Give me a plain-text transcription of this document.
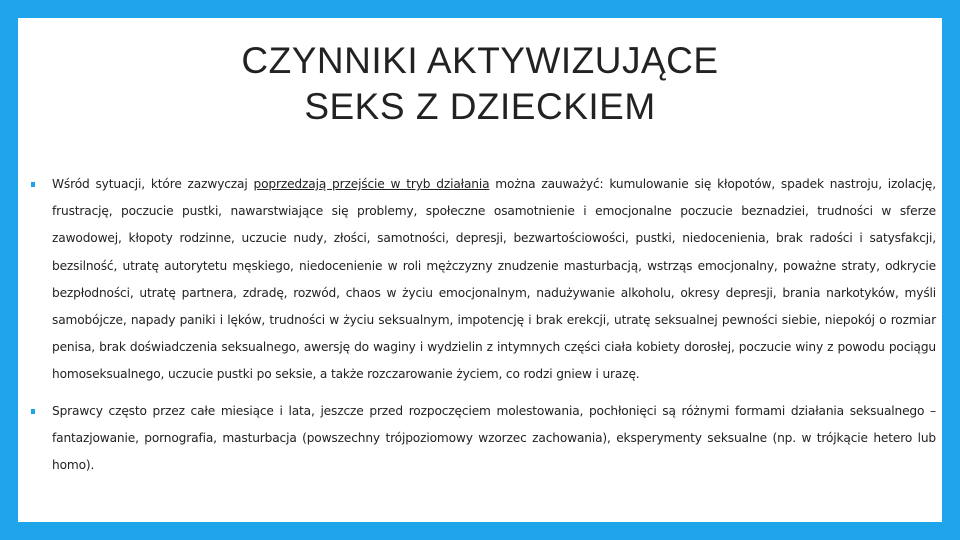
CZYNNIKI AKTYWIZUJĄCE
SEKS Z DZIECKIEM
Wśród sytuacji, które zazwyczaj poprzedzają przejście w tryb działania można zauważyć: kumulowanie się kłopotów, spadek nastroju, izolację, frustrację, poczucie pustki, nawarstwiające się problemy, społeczne osamotnienie i emocjonalne poczucie beznadziei, trudności w sferze zawodowej, kłopoty rodzinne, uczucie nudy, złości, samotności, depresji, bezwartościowości, pustki, niedocenienia, brak radości i satysfakcji, bezsilność, utratę autorytetu męskiego, niedocenienie w roli mężczyzny znudzenie masturbacją, wstrząs emocjonalny, poważne straty, odkrycie bezpłodności, utratę partnera, zdradę, rozwód, chaos w życiu emocjonalnym, nadużywanie alkoholu, okresy depresji, brania narkotyków, myśli samobójcze, napady paniki i lęków, trudności w życiu seksualnym, impotencję i brak erekcji, utratę seksualnej pewności siebie, niepokój o rozmiar penisa, brak doświadczenia seksualnego, awersję do waginy i wydzielin z intymnych części ciała kobiety dorosłej, poczucie winy z powodu pociągu homoseksualnego, uczucie pustki po seksie, a także rozczarowanie życiem, co rodzi gniew i urazę.
Sprawcy często przez całe miesiące i lata, jeszcze przed rozpoczęciem molestowania, pochłonięci są różnymi formami działania seksualnego – fantazjowanie, pornografia, masturbacja (powszechny trójpoziomowy wzorzec zachowania), eksperymenty seksualne (np. w trójkącie hetero lub homo).
